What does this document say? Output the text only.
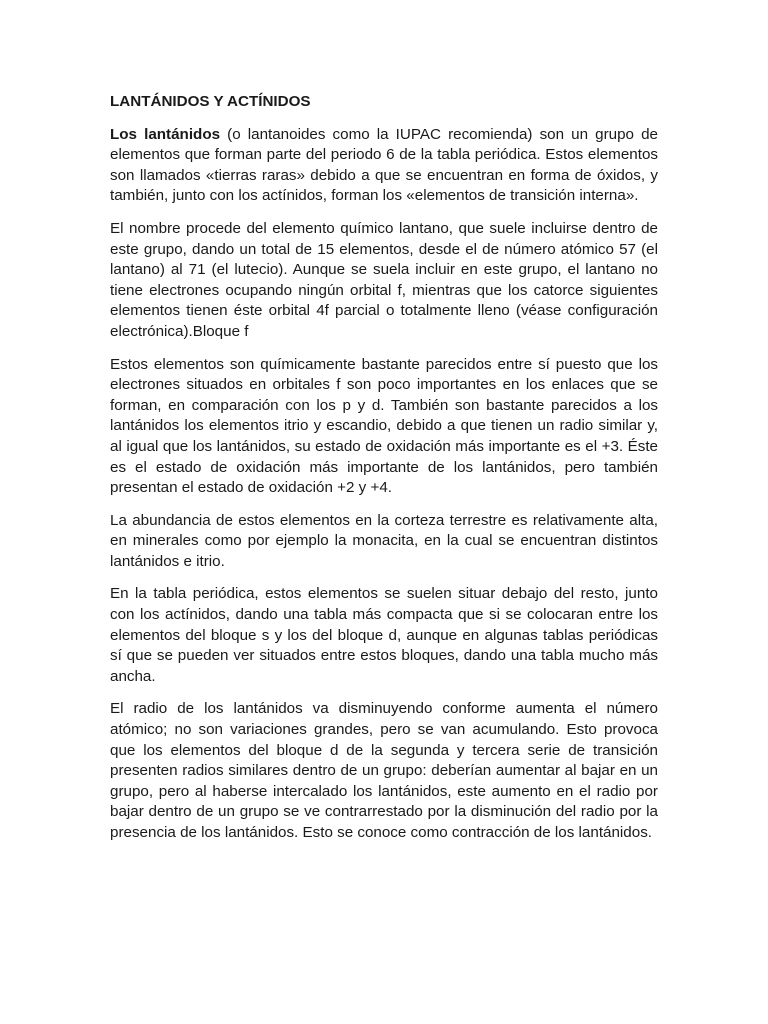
LANTÁNIDOS Y ACTÍNIDOS

Los lantánidos (o lantanoides como la IUPAC recomienda) son un grupo de elementos que forman parte del periodo 6 de la tabla periódica. Estos elementos son llamados «tierras raras» debido a que se encuentran en forma de óxidos, y también, junto con los actínidos, forman los «elementos de transición interna».

El nombre procede del elemento químico lantano, que suele incluirse dentro de este grupo, dando un total de 15 elementos, desde el de número atómico 57 (el lantano) al 71 (el lutecio). Aunque se suela incluir en este grupo, el lantano no tiene electrones ocupando ningún orbital f, mientras que los catorce siguientes elementos tienen éste orbital 4f parcial o totalmente lleno (véase configuración electrónica).Bloque f

Estos elementos son químicamente bastante parecidos entre sí puesto que los electrones situados en orbitales f son poco importantes en los enlaces que se forman, en comparación con los p y d. También son bastante parecidos a los lantánidos los elementos itrio y escandio, debido a que tienen un radio similar y, al igual que los lantánidos, su estado de oxidación más importante es el +3. Éste es el estado de oxidación más importante de los lantánidos, pero también presentan el estado de oxidación +2 y +4.

La abundancia de estos elementos en la corteza terrestre es relativamente alta, en minerales como por ejemplo la monacita, en la cual se encuentran distintos lantánidos e itrio.

En la tabla periódica, estos elementos se suelen situar debajo del resto, junto con los actínidos, dando una tabla más compacta que si se colocaran entre los elementos del bloque s y los del bloque d, aunque en algunas tablas periódicas sí que se pueden ver situados entre estos bloques, dando una tabla mucho más ancha.

El radio de los lantánidos va disminuyendo conforme aumenta el número atómico; no son variaciones grandes, pero se van acumulando. Esto provoca que los elementos del bloque d de la segunda y tercera serie de transición presenten radios similares dentro de un grupo: deberían aumentar al bajar en un grupo, pero al haberse intercalado los lantánidos, este aumento en el radio por bajar dentro de un grupo se ve contrarrestado por la disminución del radio por la presencia de los lantánidos. Esto se conoce como contracción de los lantánidos.
